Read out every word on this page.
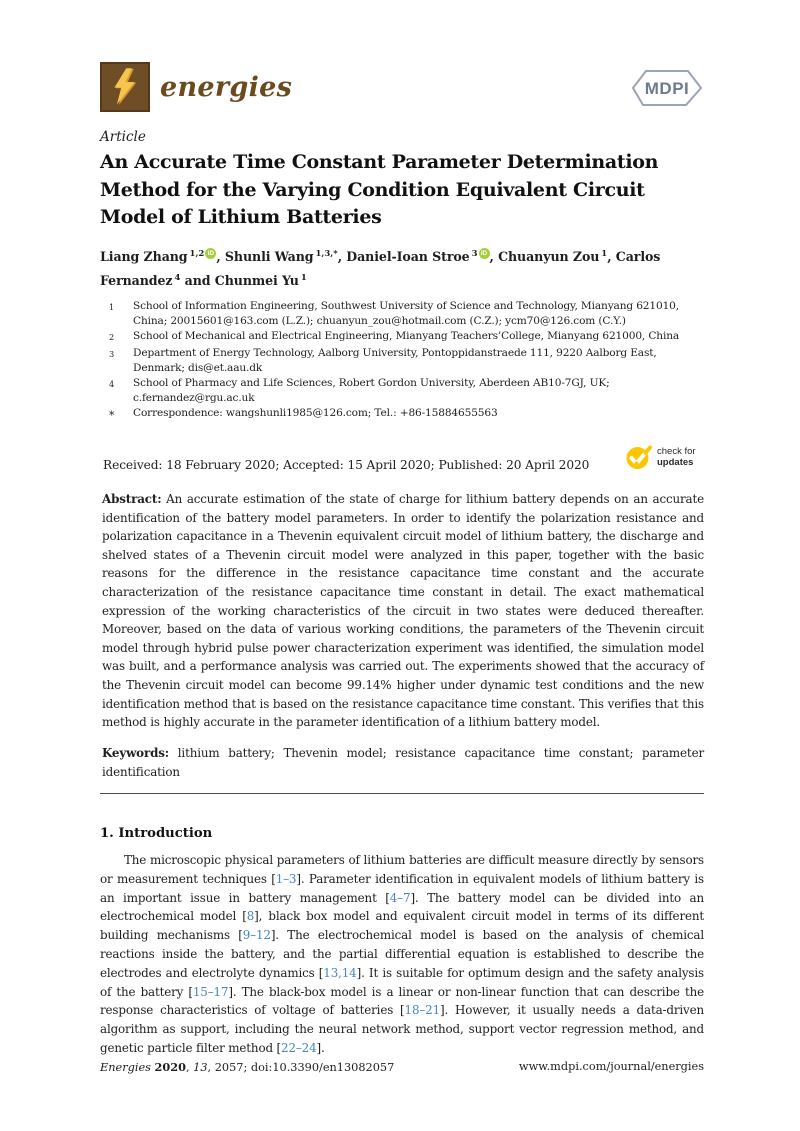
energies	MDPI
Article
An Accurate Time Constant Parameter Determination Method for the Varying Condition Equivalent Circuit Model of Lithium Batteries
Liang Zhang $^{1,2}$ iD , Shunli Wang $^{1,3,*}$, Daniel-Ioan Stroe $^3$ iD , Chuanyun Zou $^1$, Carlos Fernandez $^4$ and Chunmei Yu $^1$
1	School of Information Engineering, Southwest University of Science and Technology, Mianyang 621010, China; 20015601@163.com (L.Z.); chuanyun_zou@hotmail.com (C.Z.); ycm70@126.com (C.Y.)
2	School of Mechanical and Electrical Engineering, Mianyang Teachers’College, Mianyang 621000, China
3	Department of Energy Technology, Aalborg University, Pontoppidanstraede 111, 9220 Aalborg East, Denmark; dis@et.aau.dk
4	School of Pharmacy and Life Sciences, Robert Gordon University, Aberdeen AB10-7GJ, UK; c.fernandez@rgu.ac.uk
*	Correspondence: wangshunli1985@126.com; Tel.: +86-15884655563
Received: 18 February 2020; Accepted: 15 April 2020; Published: 20 April 2020
check for
updates

Abstract: An accurate estimation of the state of charge for lithium battery depends on an accurate identification of the battery model parameters. In order to identify the polarization resistance and polarization capacitance in a Thevenin equivalent circuit model of lithium battery, the discharge and shelved states of a Thevenin circuit model were analyzed in this paper, together with the basic reasons for the difference in the resistance capacitance time constant and the accurate characterization of the resistance capacitance time constant in detail. The exact mathematical expression of the working characteristics of the circuit in two states were deduced thereafter. Moreover, based on the data of various working conditions, the parameters of the Thevenin circuit model through hybrid pulse power characterization experiment was identified, the simulation model was built, and a performance analysis was carried out. The experiments showed that the accuracy of the Thevenin circuit model can become 99.14% higher under dynamic test conditions and the new identification method that is based on the resistance capacitance time constant. This verifies that this method is highly accurate in the parameter identification of a lithium battery model.

Keywords: lithium battery; Thevenin model; resistance capacitance time constant; parameter identification

1. Introduction

The microscopic physical parameters of lithium batteries are difficult measure directly by sensors or measurement techniques [1–3]. Parameter identification in equivalent models of lithium battery is an important issue in battery management [4–7]. The battery model can be divided into an electrochemical model [8], black box model and equivalent circuit model in terms of its different building mechanisms [9–12]. The electrochemical model is based on the analysis of chemical reactions inside the battery, and the partial differential equation is established to describe the electrodes and electrolyte dynamics [13,14]. It is suitable for optimum design and the safety analysis of the battery [15–17]. The black-box model is a linear or non-linear function that can describe the response characteristics of voltage of batteries [18–21]. However, it usually needs a data-driven algorithm as support, including the neural network method, support vector regression method, and genetic particle filter method [22–24].

Energies 2020, 13, 2057; doi:10.3390/en13082057	www.mdpi.com/journal/energies
